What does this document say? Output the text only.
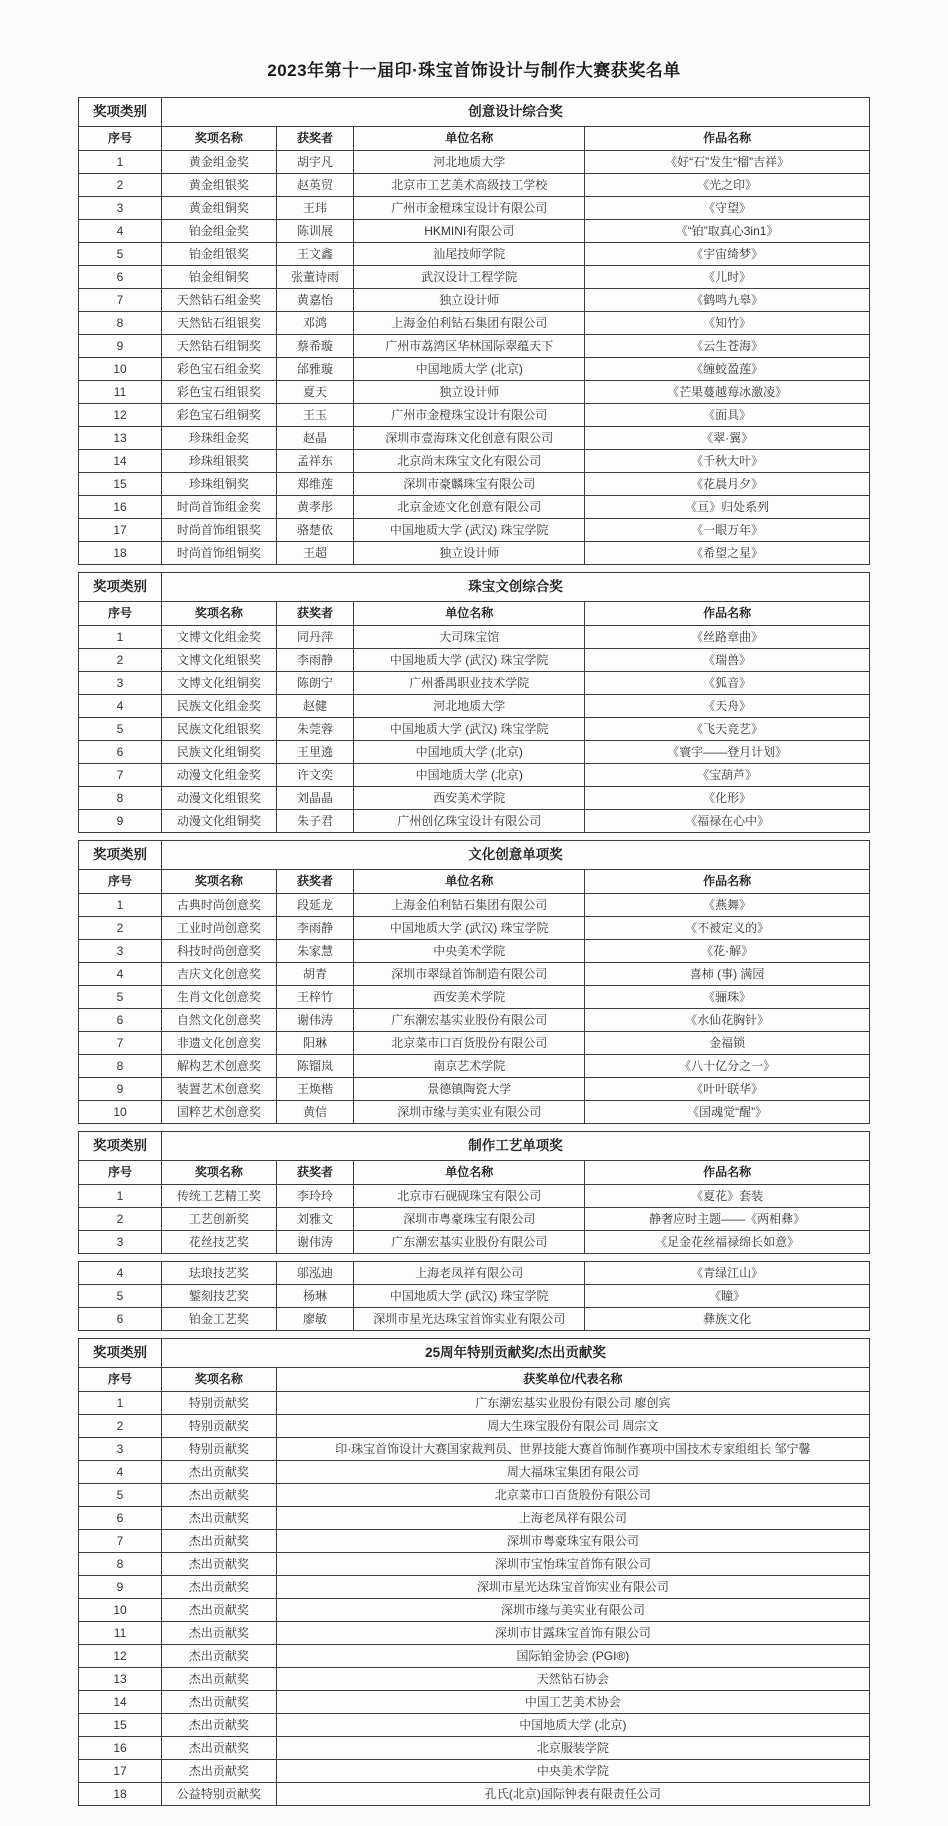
2023年第十一届印·珠宝首饰设计与制作大赛获奖名单
奖项类别	创意设计综合奖			
序号	奖项名称	获奖者	单位名称	作品名称
1	黄金组金奖	胡宇凡	河北地质大学	《好“石”发生“榴”吉祥》
2	黄金组银奖	赵英贸	北京市工艺美术高级技工学校	《光之印》
3	黄金组铜奖	王玮	广州市金橙珠宝设计有限公司	《守望》
4	铂金组金奖	陈训展	HKMINI有限公司	《“铂”取真心3in1》
5	铂金组银奖	王文鑫	汕尾技师学院	《宇宙绮梦》
6	铂金组铜奖	张董诗雨	武汉设计工程学院	《儿时》
7	天然钻石组金奖	黄嘉怡	独立设计师	《鹤鸣九皋》
8	天然钻石组银奖	邓鸿	上海金伯利钻石集团有限公司	《知竹》
9	天然钻石组铜奖	蔡希璇	广州市荔湾区华林国际翠蕴天下	《云生苍海》
10	彩色宝石组金奖	邰雅璇	中国地质大学 (北京)	《缠蛟盈莲》
11	彩色宝石组银奖	夏天	独立设计师	《芒果蔓越莓冰激凌》
12	彩色宝石组铜奖	王玉	广州市金橙珠宝设计有限公司	《面具》
13	珍珠组金奖	赵晶	深圳市壹海珠文化创意有限公司	《翠·翼》
14	珍珠组银奖	孟祥东	北京尚末珠宝文化有限公司	《千秋大叶》
15	珍珠组铜奖	郑维莲	深圳市豪麟珠宝有限公司	《花晨月夕》
16	时尚首饰组金奖	黄孝彤	北京金迹文化创意有限公司	《亘》归处系列
17	时尚首饰组银奖	骆楚依	中国地质大学 (武汉) 珠宝学院	《一眼万年》
18	时尚首饰组铜奖	王超	独立设计师	《希望之星》
奖项类别	珠宝文创综合奖			
序号	奖项名称	获奖者	单位名称	作品名称
1	文博文化组金奖	同丹萍	大司珠宝馆	《丝路章曲》
2	文博文化组银奖	李雨静	中国地质大学 (武汉) 珠宝学院	《瑞兽》
3	文博文化组铜奖	陈朗宁	广州番禺职业技术学院	《狐音》
4	民族文化组金奖	赵健	河北地质大学	《天舟》
5	民族文化组银奖	朱莞蓉	中国地质大学 (武汉) 珠宝学院	《飞天竞艺》
6	民族文化组铜奖	王里遶	中国地质大学 (北京)	《寰宇——登月计划》
7	动漫文化组金奖	许文奕	中国地质大学 (北京)	《宝葫芦》
8	动漫文化组银奖	刘晶晶	西安美术学院	《化形》
9	动漫文化组铜奖	朱子君	广州创亿珠宝设计有限公司	《福禄在心中》
奖项类别	文化创意单项奖			
序号	奖项名称	获奖者	单位名称	作品名称
1	古典时尚创意奖	段延龙	上海金伯利钻石集团有限公司	《燕舞》
2	工业时尚创意奖	李雨静	中国地质大学 (武汉) 珠宝学院	《不被定义的》
3	科技时尚创意奖	朱家慧	中央美术学院	《花·解》
4	吉庆文化创意奖	胡青	深圳市翠绿首饰制造有限公司	喜柿 (事) 满园
5	生肖文化创意奖	王梓竹	西安美术学院	《骊珠》
6	自然文化创意奖	谢伟涛	广东潮宏基实业股份有限公司	《水仙花胸针》
7	非遗文化创意奖	阳琳	北京菜市口百货股份有限公司	金福锁
8	解构艺术创意奖	陈镏岚	南京艺术学院	《八十亿分之一》
9	装置艺术创意奖	王焕楷	景德镇陶瓷大学	《叶叶联华》
10	国粹艺术创意奖	黄信	深圳市缘与美实业有限公司	《国魂觉“醒”》
奖项类别	制作工艺单项奖			
序号	奖项名称	获奖者	单位名称	作品名称
1	传统工艺精工奖	李玲玲	北京市石砚砚珠宝有限公司	《夏花》套装
2	工艺创新奖	刘雅文	深圳市粤豪珠宝有限公司	静奢应时主题——《两相彝》
3	花丝技艺奖	谢伟涛	广东潮宏基实业股份有限公司	《足金花丝福禄绵长如意》
4	珐琅技艺奖	邬泓迪	上海老凤祥有限公司	《青绿江山》
5	錾刻技艺奖	杨琳	中国地质大学 (武汉) 珠宝学院	《瞳》
6	铂金工艺奖	廖敏	深圳市星光达珠宝首饰实业有限公司	彝族文化
奖项类别	25周年特别贡献奖/杰出贡献奖	
序号	奖项名称	获奖单位/代表名称
1	特别贡献奖	广东潮宏基实业股份有限公司 廖创宾
2	特别贡献奖	周大生珠宝股份有限公司 周宗文
3	特别贡献奖	印·珠宝首饰设计大赛国家裁判员、世界技能大赛首饰制作赛项中国技术专家组组长 邹宁馨
4	杰出贡献奖	周大福珠宝集团有限公司
5	杰出贡献奖	北京菜市口百货股份有限公司
6	杰出贡献奖	上海老凤祥有限公司
7	杰出贡献奖	深圳市粤豪珠宝有限公司
8	杰出贡献奖	深圳市宝怡珠宝首饰有限公司
9	杰出贡献奖	深圳市星光达珠宝首饰实业有限公司
10	杰出贡献奖	深圳市缘与美实业有限公司
11	杰出贡献奖	深圳市甘露珠宝首饰有限公司
12	杰出贡献奖	国际铂金协会 (PGI®)
13	杰出贡献奖	天然钻石协会
14	杰出贡献奖	中国工艺美术协会
15	杰出贡献奖	中国地质大学 (北京)
16	杰出贡献奖	北京服装学院
17	杰出贡献奖	中央美术学院
18	公益特别贡献奖	孔氏(北京)国际钟表有限责任公司
